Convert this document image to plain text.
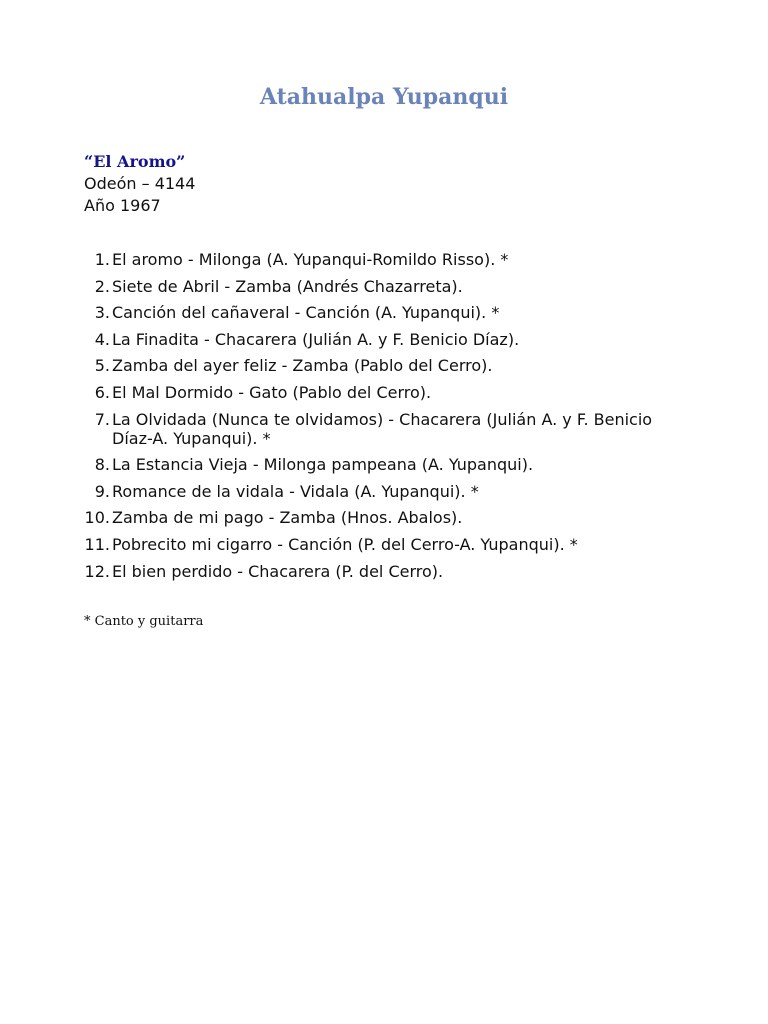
Atahualpa Yupanqui
“El Aromo”
Odeón – 4144
Año 1967
1. El aromo - Milonga (A. Yupanqui-Romildo Risso). *
2. Siete de Abril - Zamba (Andrés Chazarreta).
3. Canción del cañaveral - Canción (A. Yupanqui). *
4. La Finadita - Chacarera (Julián A. y F. Benicio Díaz).
5. Zamba del ayer feliz - Zamba (Pablo del Cerro).
6. El Mal Dormido - Gato (Pablo del Cerro).
7. La Olvidada (Nunca te olvidamos) - Chacarera (Julián A. y F. Benicio Díaz-A. Yupanqui). *
8. La Estancia Vieja - Milonga pampeana (A. Yupanqui).
9. Romance de la vidala - Vidala (A. Yupanqui). *
10. Zamba de mi pago - Zamba (Hnos. Abalos).
11. Pobrecito mi cigarro - Canción (P. del Cerro-A. Yupanqui). *
12. El bien perdido - Chacarera (P. del Cerro).
* Canto y guitarra
